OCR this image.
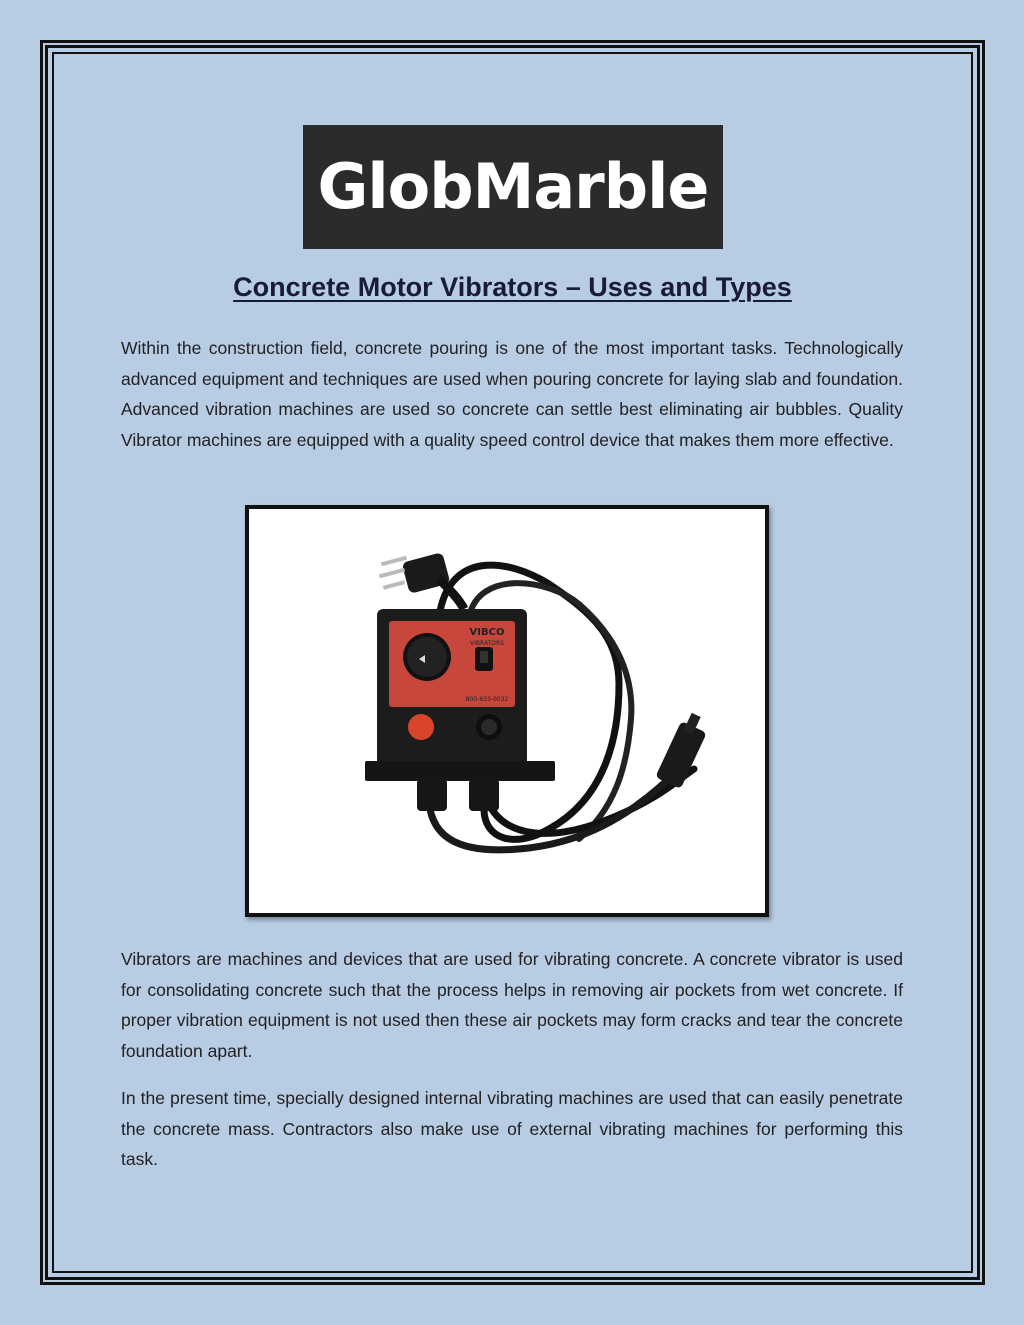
GlobMarble
Concrete Motor Vibrators – Uses and Types

Within the construction field, concrete pouring is one of the most important tasks. Technologically advanced equipment and techniques are used when pouring concrete for laying slab and foundation. Advanced vibration machines are used so concrete can settle best eliminating air bubbles. Quality Vibrator machines are equipped with a quality speed control device that makes them more effective.

VIBCO
VIBRATORS
800-633-0032

Vibrators are machines and devices that are used for vibrating concrete. A concrete vibrator is used for consolidating concrete such that the process helps in removing air pockets from wet concrete. If proper vibration equipment is not used then these air pockets may form cracks and tear the concrete foundation apart.

In the present time, specially designed internal vibrating machines are used that can easily penetrate the concrete mass. Contractors also make use of external vibrating machines for performing this task.
